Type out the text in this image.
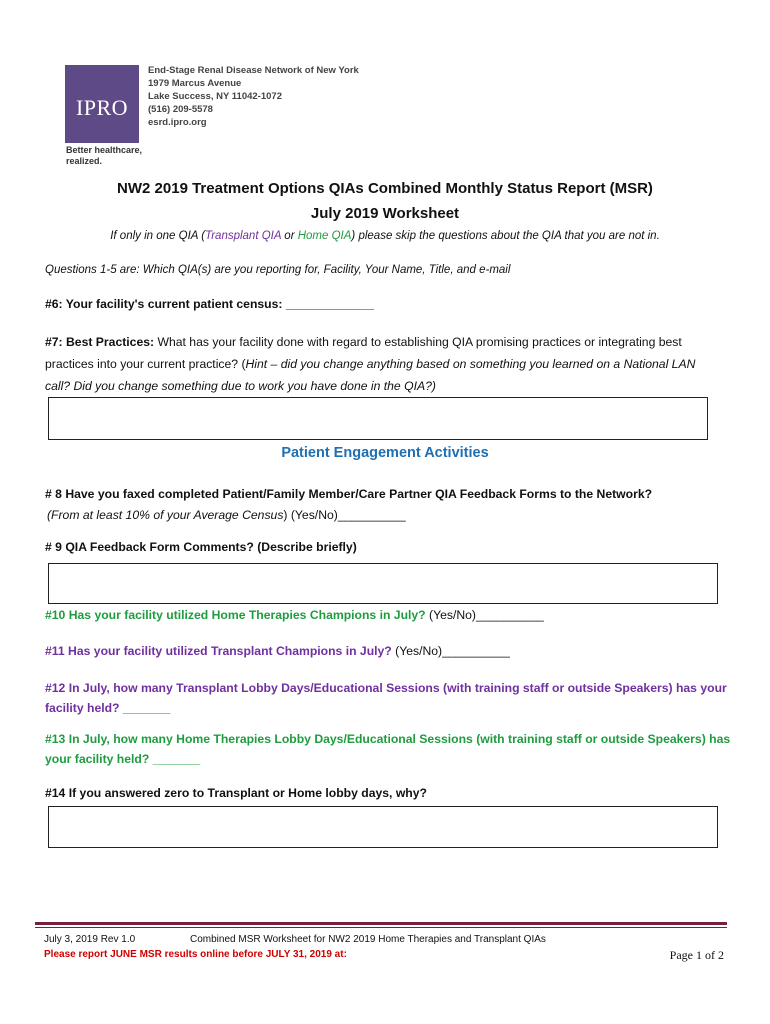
IPRO
Better healthcare,
realized.
End-Stage Renal Disease Network of New York
1979 Marcus Avenue
Lake Success, NY 11042-1072
(516) 209-5578
esrd.ipro.org
NW2 2019 Treatment Options QIAs Combined Monthly Status Report (MSR)
July 2019 Worksheet
If only in one QIA (Transplant QIA or Home QIA) please skip the questions about the QIA that you are not in.
Questions 1-5 are: Which QIA(s) are you reporting for, Facility, Your Name, Title, and e-mail
#6: Your facility's current patient census: _____________
#7: Best Practices: What has your facility done with regard to establishing QIA promising practices or integrating best
practices into your current practice? (Hint – did you change anything based on something you learned on a National LAN
call? Did you change something due to work you have done in the QIA?)
Patient Engagement Activities
# 8 Have you faxed completed Patient/Family Member/Care Partner QIA Feedback Forms to the Network?
(From at least 10% of your Average Census) (Yes/No)__________
# 9 QIA Feedback Form Comments? (Describe briefly)
#10 Has your facility utilized Home Therapies Champions in July? (Yes/No)__________
#11 Has your facility utilized Transplant Champions in July? (Yes/No)__________
#12 In July, how many Transplant Lobby Days/Educational Sessions (with training staff or outside Speakers) has your
facility held? _______
#13 In July, how many Home Therapies Lobby Days/Educational Sessions (with training staff or outside Speakers) has
your facility held? _______
#14 If you answered zero to Transplant or Home lobby days, why?
July 3, 2019 Rev 1.0	Combined MSR Worksheet for NW2 2019 Home Therapies and Transplant QIAs
Please report JUNE MSR results online before JULY 31, 2019 at:	Page 1 of 2
